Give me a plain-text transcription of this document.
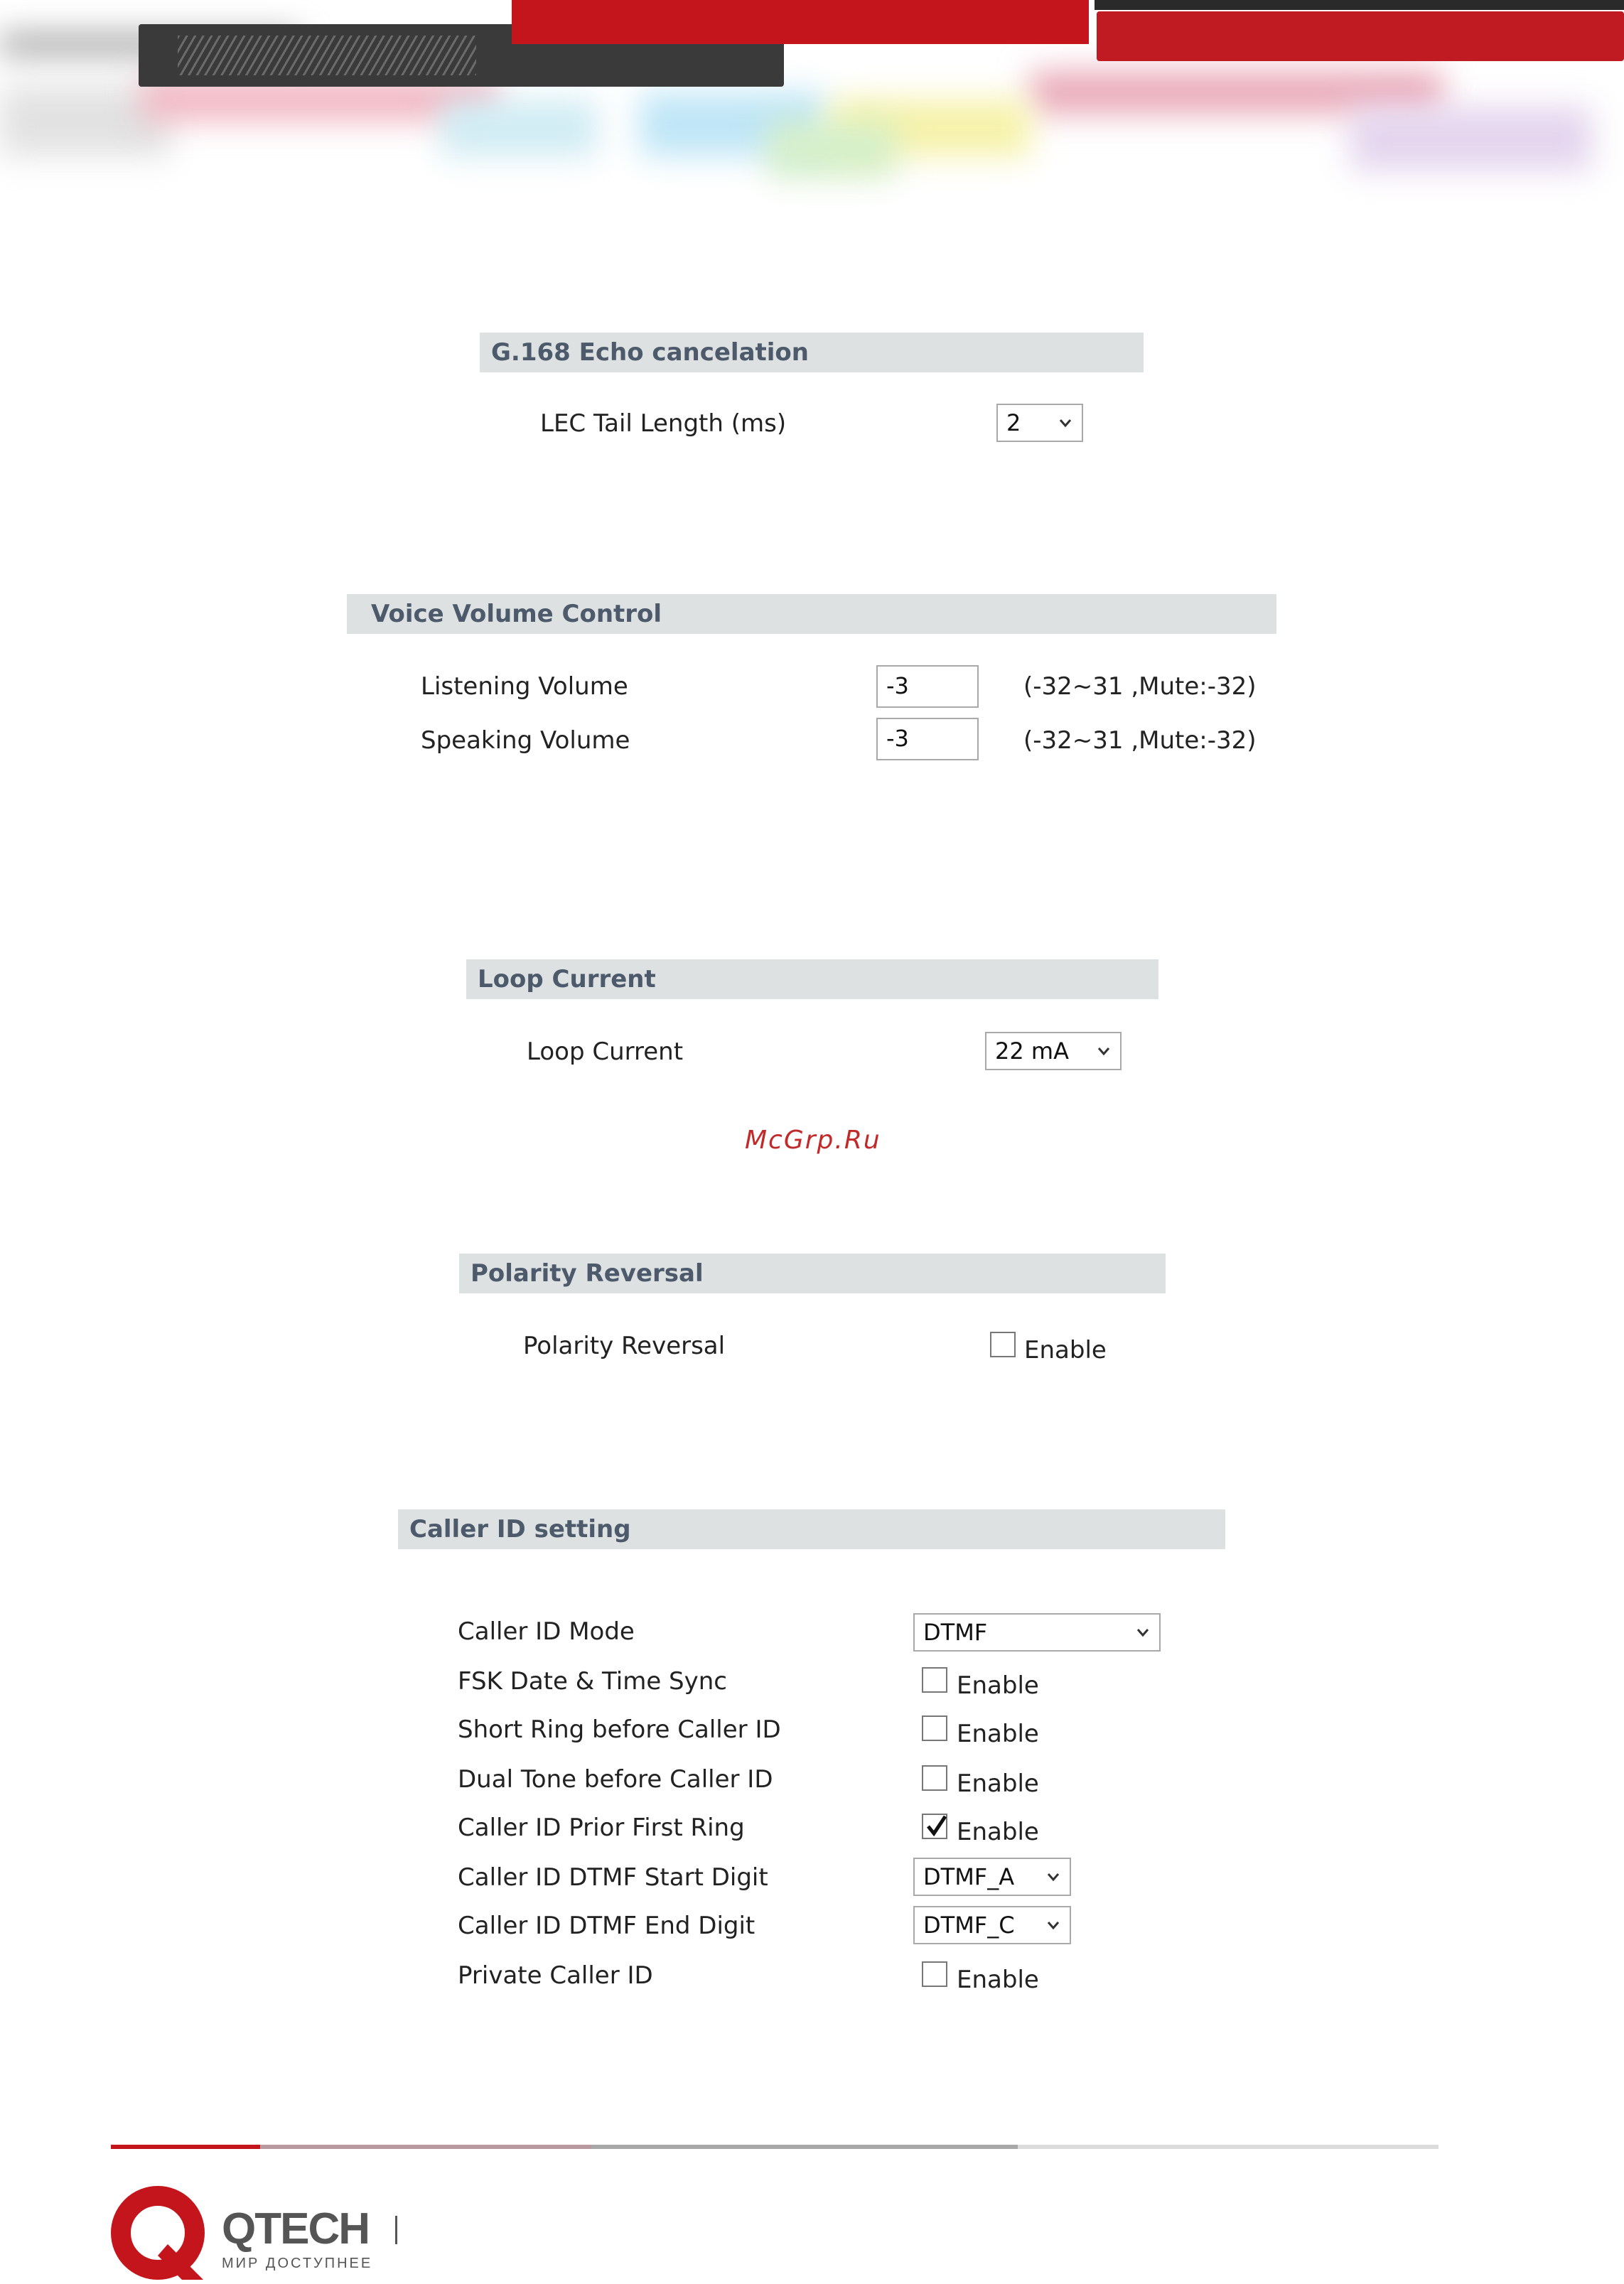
G.168 Echo cancelation
LEC Tail Length (ms)	2
Voice Volume Control
Listening Volume	-3	(-32~31 ,Mute:-32)
Speaking Volume	-3	(-32~31 ,Mute:-32)
Loop Current
Loop Current	22 mA
McGrp.Ru
Polarity Reversal
Polarity Reversal	Enable
Caller ID setting
Caller ID Mode	DTMF
FSK Date & Time Sync	Enable
Short Ring before Caller ID	Enable
Dual Tone before Caller ID	Enable
Caller ID Prior First Ring	Enable
Caller ID DTMF Start Digit	DTMF_A
Caller ID DTMF End Digit	DTMF_C
Private Caller ID	Enable
QTECH
МИР ДОСТУПНЕЕ
